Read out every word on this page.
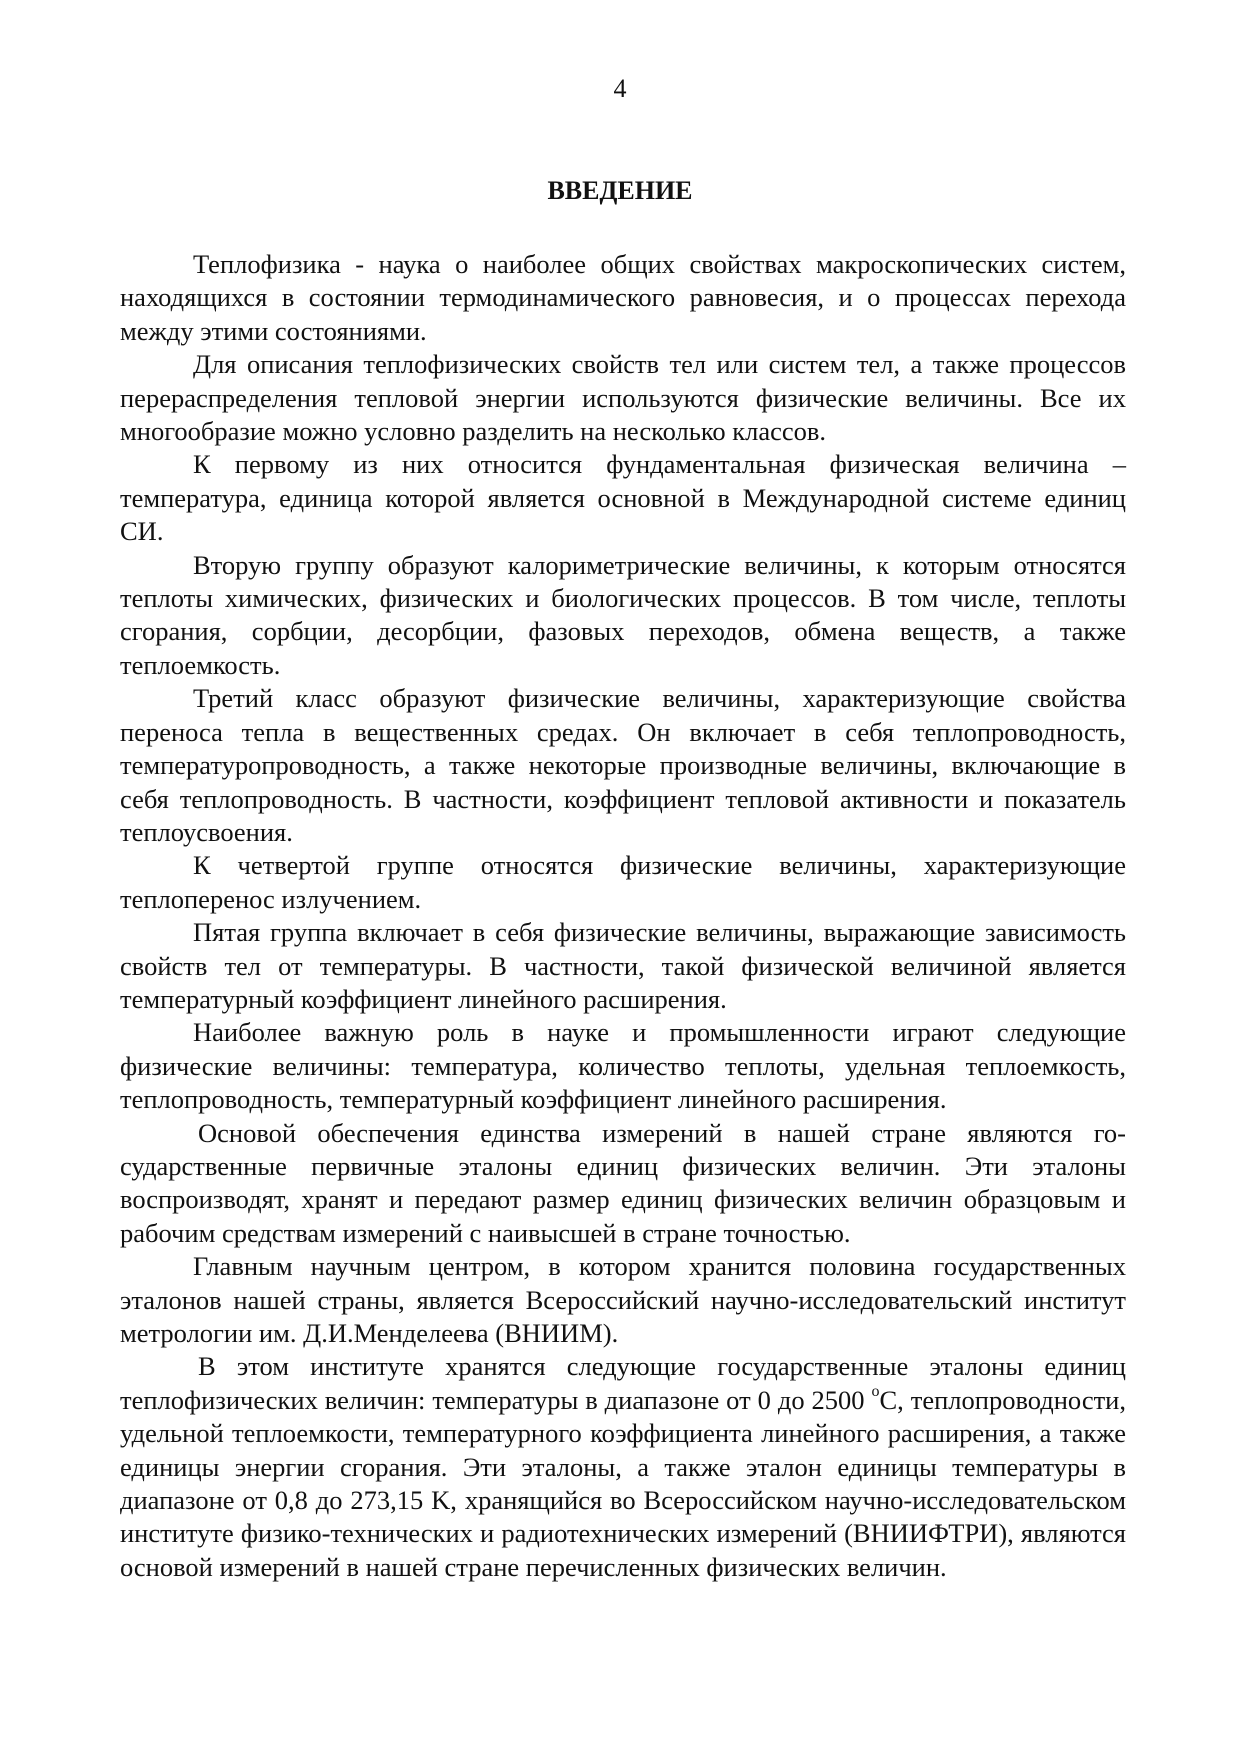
4
ВВЕДЕНИЕ

Теплофизика - наука о наиболее общих свойствах макроскопических систем, находящихся в состоянии термодинамического равновесия, и о процессах перехода между этими состояниями.

Для описания теплофизических свойств тел или систем тел, а также процессов перераспределения тепловой энергии используются физические величины. Все их многообразие можно условно разделить на несколько классов.

К первому из них относится фундаментальная физическая величина – температура, единица которой является основной в Международной системе единиц СИ.

Вторую группу образуют калориметрические величины, к которым относятся теплоты химических, физических и биологических процессов. В том числе, теплоты сгорания, сорбции, десорбции, фазовых переходов, обмена веществ, а также теплоемкость.

Третий класс образуют физические величины, характеризующие свойства переноса тепла в вещественных средах. Он включает в себя теплопроводность, температуропроводность, а также некоторые производные величины, включающие в себя теплопроводность. В частности, коэффициент тепловой активности и показатель теплоусвоения.

К четвертой группе относятся физические величины, характеризующие теплоперенос излучением.

Пятая группа включает в себя физические величины, выражающие зависимость свойств тел от температуры. В частности, такой физической величиной является температурный коэффициент линейного расширения.

Наиболее важную роль в науке и промышленности играют следующие физические величины: температура, количество теплоты, удельная теплоемкость, теплопроводность, температурный коэффициент линейного расширения.

Основой обеспечения единства измерений в нашей стране являются государственные первичные эталоны единиц физических величин. Эти эталоны воспроизводят, хранят и передают размер единиц физических величин образцовым и рабочим средствам измерений с наивысшей в стране точностью.

Главным научным центром, в котором хранится половина государственных эталонов нашей страны, является Всероссийский научно-исследовательский институт метрологии им. Д.И.Менделеева (ВНИИМ).

В этом институте хранятся следующие государственные эталоны единиц теплофизических величин: температуры в диапазоне от 0 до 2500 $^o$C, теплопроводности, удельной теплоемкости, температурного коэффициента линейного расширения, а также единицы энергии сгорания. Эти эталоны, а также эталон единицы температуры в диапазоне от 0,8 до 273,15 K, хранящийся во Всероссийском научно-исследовательском институте физико-технических и радиотехнических измерений (ВНИИФТРИ), являются основой измерений в нашей стране перечисленных физических величин.
